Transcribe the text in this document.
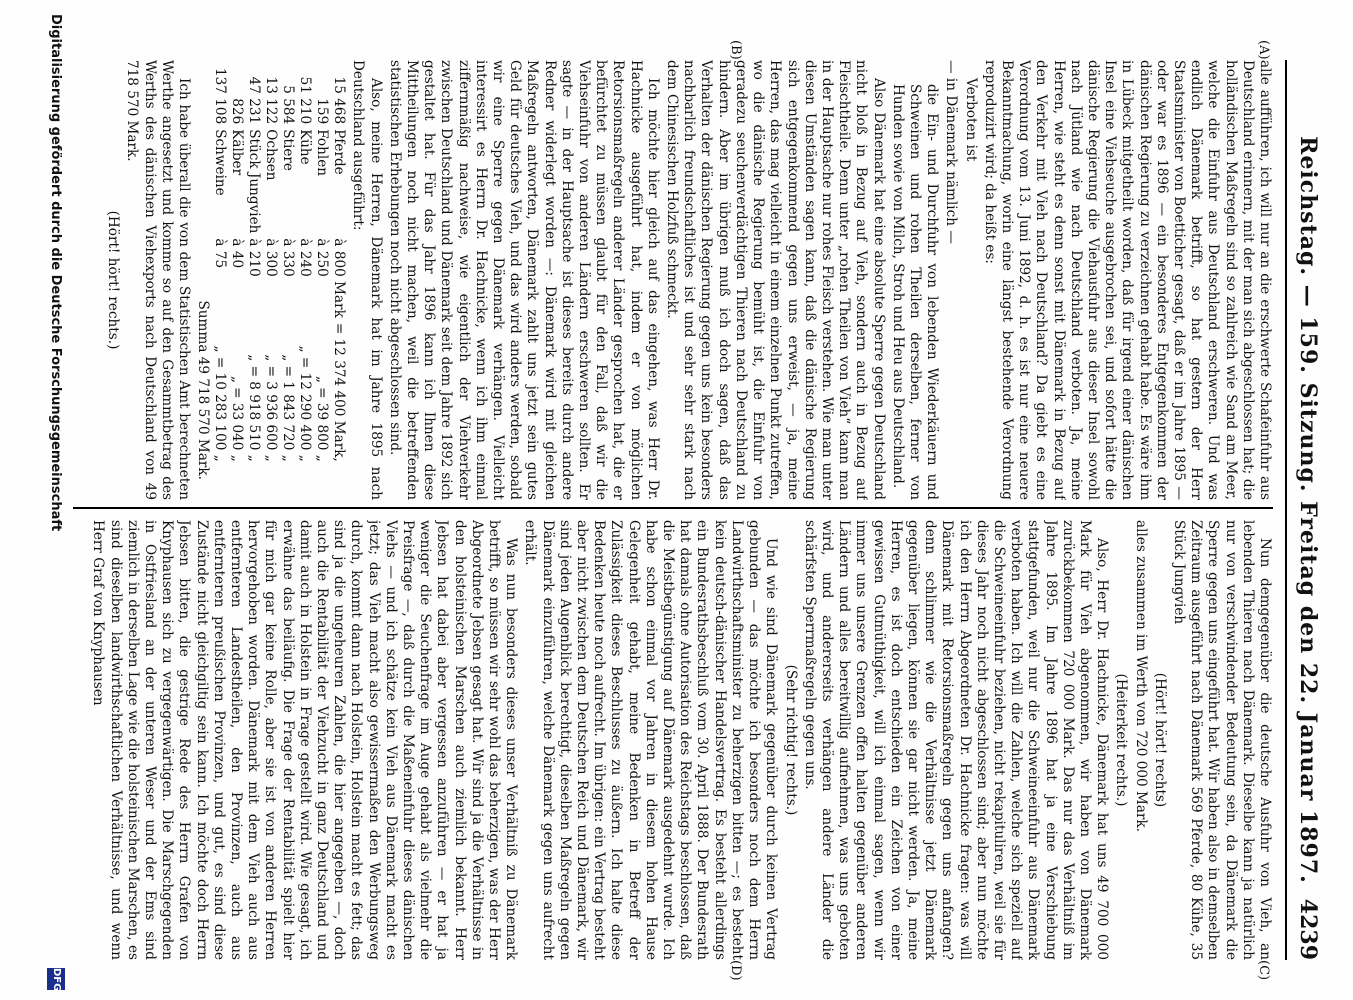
Reichstag. — 159. Sitzung. Freitag den 22. Januar 1897.
4239
(A)
(B)
(C)
(D)

alle aufführen, ich will nur an die erschwerte Schafeinfuhr aus Deutschland erinnern, mit der man sich abgeschlossen hat; die holländischen Maßregeln sind so zahlreich wie Sand am Meer, welche die Einfuhr aus Deutschland erschweren. Und was endlich Dänemark betrifft, so hat gestern der Herr Staatsminister von Boetticher gesagt, daß er im Jahre 1895 — oder war es 1896 — ein besonderes Entgegenkommen der dänischen Regierung zu verzeichnen gehabt habe. Es wäre ihm in Lübeck mitgetheilt worden, daß für irgend einer dänischen Insel eine Viehseuche ausgebrochen sei, und sofort hätte die dänische Regierung die Viehausfuhr aus dieser Insel sowohl nach Jütland wie nach Deutschland verboten. Ja, meine Herren, wie steht es denn sonst mit Dänemark in Bezug auf den Verkehr mit Vieh nach Deutschland? Da giebt es eine Verordnung vom 13. Juni 1892, d. h. es ist nur eine neuere Bekanntmachung, worin eine längst bestehende Verordnung reproduzirt wird; da heißt es:

Verboten ist

— in Dänemark nämlich —

die Ein- und Durchfuhr von lebenden Wiederkäuern und Schweinen und rohen Theilen derselben, ferner von Hunden sowie von Milch, Stroh und Heu aus Deutschland.

Also Dänemark hat eine absolute Sperre gegen Deutschland nicht bloß in Bezug auf Vieh, sondern auch in Bezug auf Fleischtheile. Denn unter „rohen Theilen von Vieh“ kann man in der Hauptsache nur rohes Fleisch verstehen. Wie man unter diesen Umständen sagen kann, daß die dänische Regierung sich entgegenkommend gegen uns erweist, — ja, meine Herren, das mag vielleicht in einem einzelnen Punkt zutreffen, wo die dänische Regierung bemüht ist, die Einfuhr von geradezu seuchenverdächtigen Thieren nach Deutschland zu hindern. Aber im übrigen muß ich doch sagen, daß das Verhalten der dänischen Regierung gegen uns kein besonders nachbarlich freundschaftliches ist und sehr sehr stark nach dem Chinesischen Holzfuß schmeckt.

Ich möchte hier gleich auf das eingehen, was Herr Dr. Hachnicke ausgeführt hat, indem er von möglichen Retorsionsmaßregeln anderer Länder gesprochen hat, die er befürchtet zu müssen glaubt für den Fall, daß wir die Viehseinfuhr von anderen Ländern erschweren sollten. Er sagte — in der Hauptsache ist dieses bereits durch andere Redner widerlegt worden —: Dänemark wird mit gleichen Maßregeln antworten, Dänemark zahlt uns jetzt sein gutes Geld für deutsches Vieh, und das wird anders werden, sobald wir eine Sperre gegen Dänemark verhängen. Vielleicht interessirt es Herrn Dr. Hachnicke, wenn ich ihm einmal ziffernmäßig nachweise, wie eigentlich der Viehverkehr zwischen Deutschland und Dänemark seit dem Jahre 1892 sich gestaltet hat. Für das Jahr 1896 kann ich Ihnen diese Mittheilungen noch nicht machen, weil die betreffenden statistischen Erhebungen noch nicht abgeschlossen sind.

Also, meine Herren, Dänemark hat im Jahre 1895 nach Deutschland ausgeführt:

15 468	Pferde	à 800 Mark	= 12 374 400 Mark,
159	Fohlen	à 250	„ = 39 800 „
51 210	Kühe	à 240	„ = 12 290 400 „
5 584	Stiere	à 330	„ = 1 843 720 „
13 122	Ochsen	à 300	„ = 3 936 600 „
47 231	Stück Jungvieh	à 210	„ = 8 918 510 „
826	Kälber	à 40	„ = 33 040 „
137 108	Schweine	à 75	„ = 10 283 100 „

Summa 49 718 570 Mark.

Ich habe überall die von dem Statistischen Amt berechneten Werthe angesetzt und komme so auf den Gesammtbetrag des Werths des dänischen Viehexports nach Deutschland von 49 718 570 Mark.

(Hört! hört! rechts.)

Nun demgegenüber die deutsche Ausfuhr von Vieh, an lebenden Thieren nach Dänemark. Dieselbe kann ja natürlich nur von verschwindender Bedeutung sein, da Dänemark die Sperre gegen uns eingeführt hat. Wir haben also in demselben Zeitraum ausgeführt nach Dänemark 569 Pferde, 80 Kühe, 35 Stück Jungvieh

(Hört! hört! rechts)

alles zusammen im Werth von 720 000 Mark.

(Heiterkeit rechts.)

Also, Herr Dr. Hachnicke, Dänemark hat uns 49 700 000 Mark für Vieh abgenommen, wir haben von Dänemark zurückbekommen 720 000 Mark. Das nur das Verhältniß im Jahre 1895. Im Jahre 1896 hat ja eine Verschiebung stattgefunden, weil nur die Schweineeinfuhr aus Dänemark verboten haben. Ich will die Zahlen, welche sich speziell auf die Schweineeinfuhr beziehen, nicht rekapituliren, weil sie für dieses Jahr noch nicht abgeschlossen sind; aber nun möchte ich den Herrn Abgeordneten Dr. Hachnicke fragen: was will Dänemark mit Retorsionsmaßregeln gegen uns anfangen? denn schlimmer wie die Verhältnisse jetzt Dänemark gegenüber liegen, können sie gar nicht werden. Ja, meine Herren, es ist doch entschieden ein Zeichen von einer gewissen Gutmüthigkeit, will ich einmal sagen, wenn wir immer uns unsere Grenzen offen halten gegenüber anderen Ländern und alles bereitwillig aufnehmen, was uns geboten wird, und andererseits verhängen andere Länder die schärfsten Sperrmaßregeln gegen uns.

(Sehr richtig! rechts.)

Und wie sind Dänemark gegenüber durch keinen Vertrag gebunden — das möchte ich besonders noch dem Herrn Landwirthschaftsminister zu beherzigen bitten —; es besteht kein deutsch-dänischer Handelsvertrag. Es besteht allerdings ein Bundesrathsbeschluß vom 30. April 1888. Der Bundesrath hat damals ohne Autorisation des Reichstags beschlossen, daß die Meistbegünstigung auf Dänemark ausgedehnt wurde. Ich habe schon einmal vor Jahren in diesem hohen Hause Gelegenheit gehabt, meine Bedenken in Betreff der Zulässigkeit dieses Beschlusses zu äußern. Ich halte diese Bedenken heute noch aufrecht. Im übrigen: ein Vertrag besteht aber nicht zwischen dem Deutschen Reich und Dänemark, wir sind jeden Augenblick berechtigt, dieselben Maßregeln gegen Dänemark einzuführen, welche Dänemark gegen uns aufrecht erhält.

Was nun besonders dieses unser Verhältniß zu Dänemark betrifft, so müssen wir sehr wohl das beherzigen, was der Herr Abgeordnete Jebsen gesagt hat. Wir sind ja die Verhältnisse in den holsteinischen Marschen auch ziemlich bekannt. Herr Jebsen hat dabei aber vergessen anzuführen — er hat ja weniger die Seuchenfrage im Auge gehabt als vielmehr die Preisfrage —, daß durch die Maßeneinfuhr dieses dänischen Viehs — und ich schätze kein Vieh aus Dänemark macht es jetzt; das Vieh macht also gewissermaßen den Werbungsweg durch, kommt dann nach Holstein, Holstein macht es fett; das sind ja die ungeheuren Zahlen, die hier angegeben —, doch auch die Rentabilität der Viehzucht in ganz Deutschland und damit auch in Holstein in Frage gestellt wird. Wie gesagt, ich erwähne das beiläufig. Die Frage der Rentabilität spielt hier für mich gar keine Rolle, aber sie ist von anderen Herren hervorgehoben worden. Dänemark mit dem Vieh auch aus entfernteren Landestheilen, den Provinzen, auch aus entfernteren preußischen Provinzen, und gut, es sind diese Zustände nicht gleichgiltig sein kann. Ich möchte doch Herrn Jebsen bitten, die gestrige Rede des Herrn Grafen von Knyphausen sich zu vergegenwärtigen. Die Marschgegenden in Ostfriesland an der unteren Weser und der Ems sind ziemlich in derselben Lage wie die holsteinischen Marschen, es sind dieselben landwirthschaftlichen Verhältnisse, und wenn Herr Graf von Knyphausen

Digitalisierung gefördert durch die Deutsche Forschungsgemeinschaft
DFG
